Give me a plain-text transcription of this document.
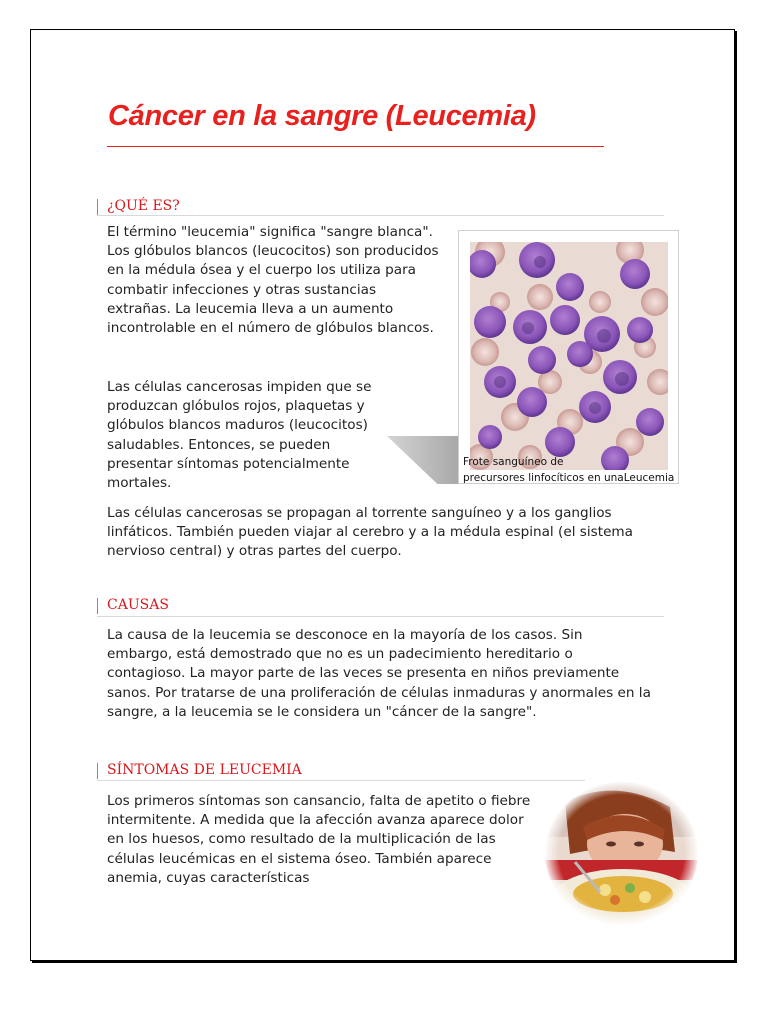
Cáncer en la sangre (Leucemia)
¿QUÉ ES?

El término "leucemia" significa "sangre blanca". Los glóbulos blancos (leucocitos) son producidos en la médula ósea y el cuerpo los utiliza para combatir infecciones y otras sustancias extrañas. La leucemia lleva a un aumento incontrolable en el número de glóbulos blancos.

Las células cancerosas impiden que se produzcan glóbulos rojos, plaquetas y glóbulos blancos maduros (leucocitos) saludables. Entonces, se pueden presentar síntomas potencialmente mortales.

Frote sanguíneo de
precursores linfocíticos en unaLeucemia

Las células cancerosas se propagan al torrente sanguíneo y a los ganglios linfáticos. También pueden viajar al cerebro y a la médula espinal (el sistema nervioso central) y otras partes del cuerpo.

CAUSAS

La causa de la leucemia se desconoce en la mayoría de los casos. Sin embargo, está demostrado que no es un padecimiento hereditario o contagioso. La mayor parte de las veces se presenta en niños previamente sanos. Por tratarse de una proliferación de células inmaduras y anormales en la sangre, a la leucemia se le considera un "cáncer de la sangre".

SÍNTOMAS DE LEUCEMIA

Los primeros síntomas son cansancio, falta de apetito o fiebre intermitente. A medida que la afección avanza aparece dolor en los huesos, como resultado de la multiplicación de las células leucémicas en el sistema óseo. También aparece anemia, cuyas características
